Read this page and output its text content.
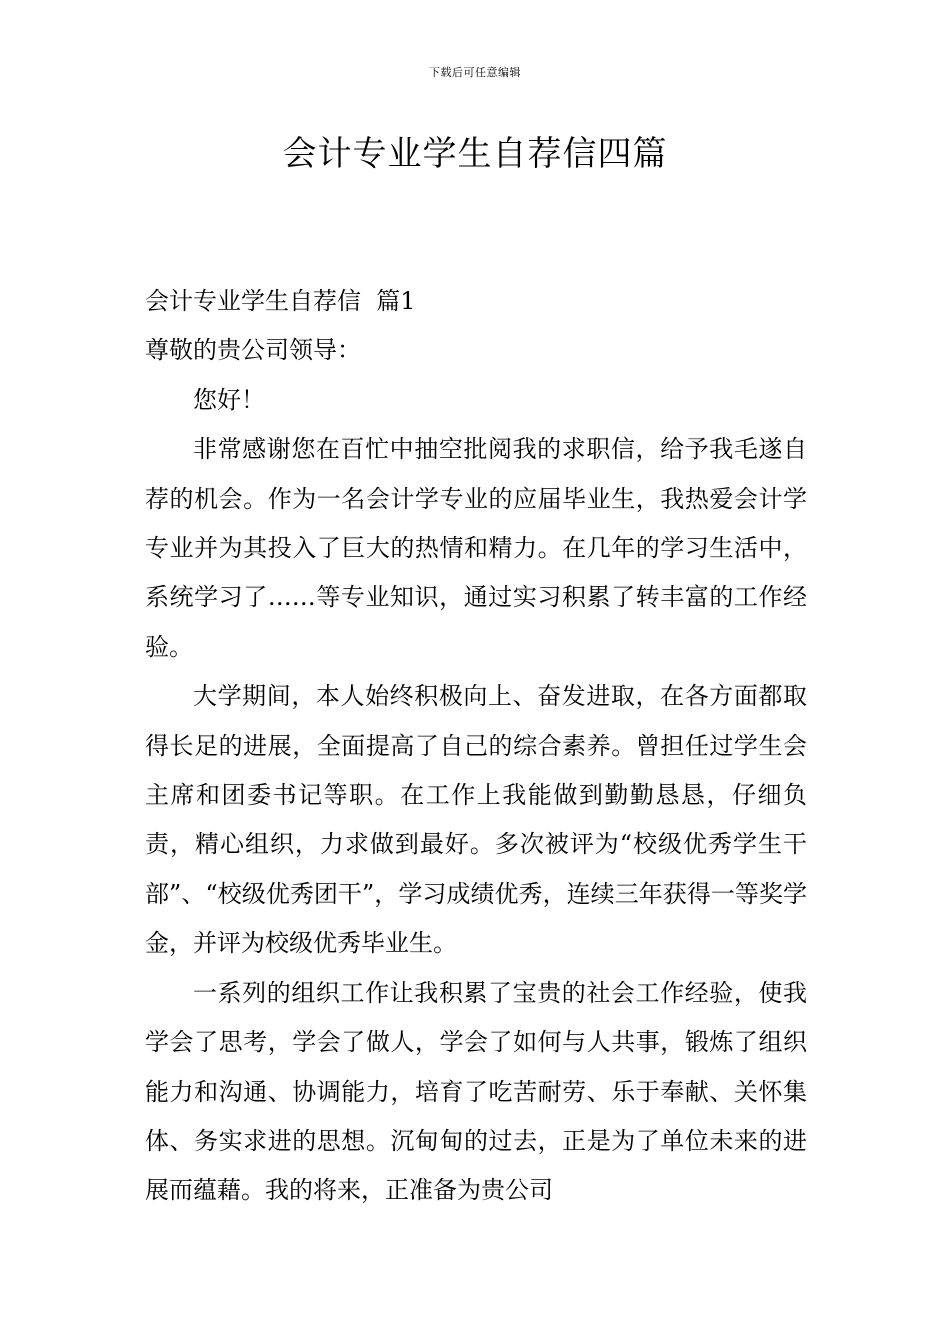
下载后可任意编辑
会计专业学生自荐信四篇

会计专业学生自荐信  篇1

尊敬的贵公司领导：

您好！

非常感谢您在百忙中抽空批阅我的求职信，给予我毛遂自荐的机会。作为一名会计学专业的应届毕业生，我热爱会计学专业并为其投入了巨大的热情和精力。在几年的学习生活中，系统学习了……等专业知识，通过实习积累了转丰富的工作经验。

大学期间，本人始终积极向上、奋发进取，在各方面都取得长足的进展，全面提高了自己的综合素养。曾担任过学生会主席和团委书记等职。在工作上我能做到勤勤恳恳，仔细负责，精心组织，力求做到最好。多次被评为“校级优秀学生干部”、“校级优秀团干”，学习成绩优秀，连续三年获得一等奖学金，并评为校级优秀毕业生。

一系列的组织工作让我积累了宝贵的社会工作经验，使我学会了思考，学会了做人，学会了如何与人共事，锻炼了组织能力和沟通、协调能力，培育了吃苦耐劳、乐于奉献、关怀集体、务实求进的思想。沉甸甸的过去，正是为了单位未来的进展而蕴藉。我的将来，正准备为贵公司
